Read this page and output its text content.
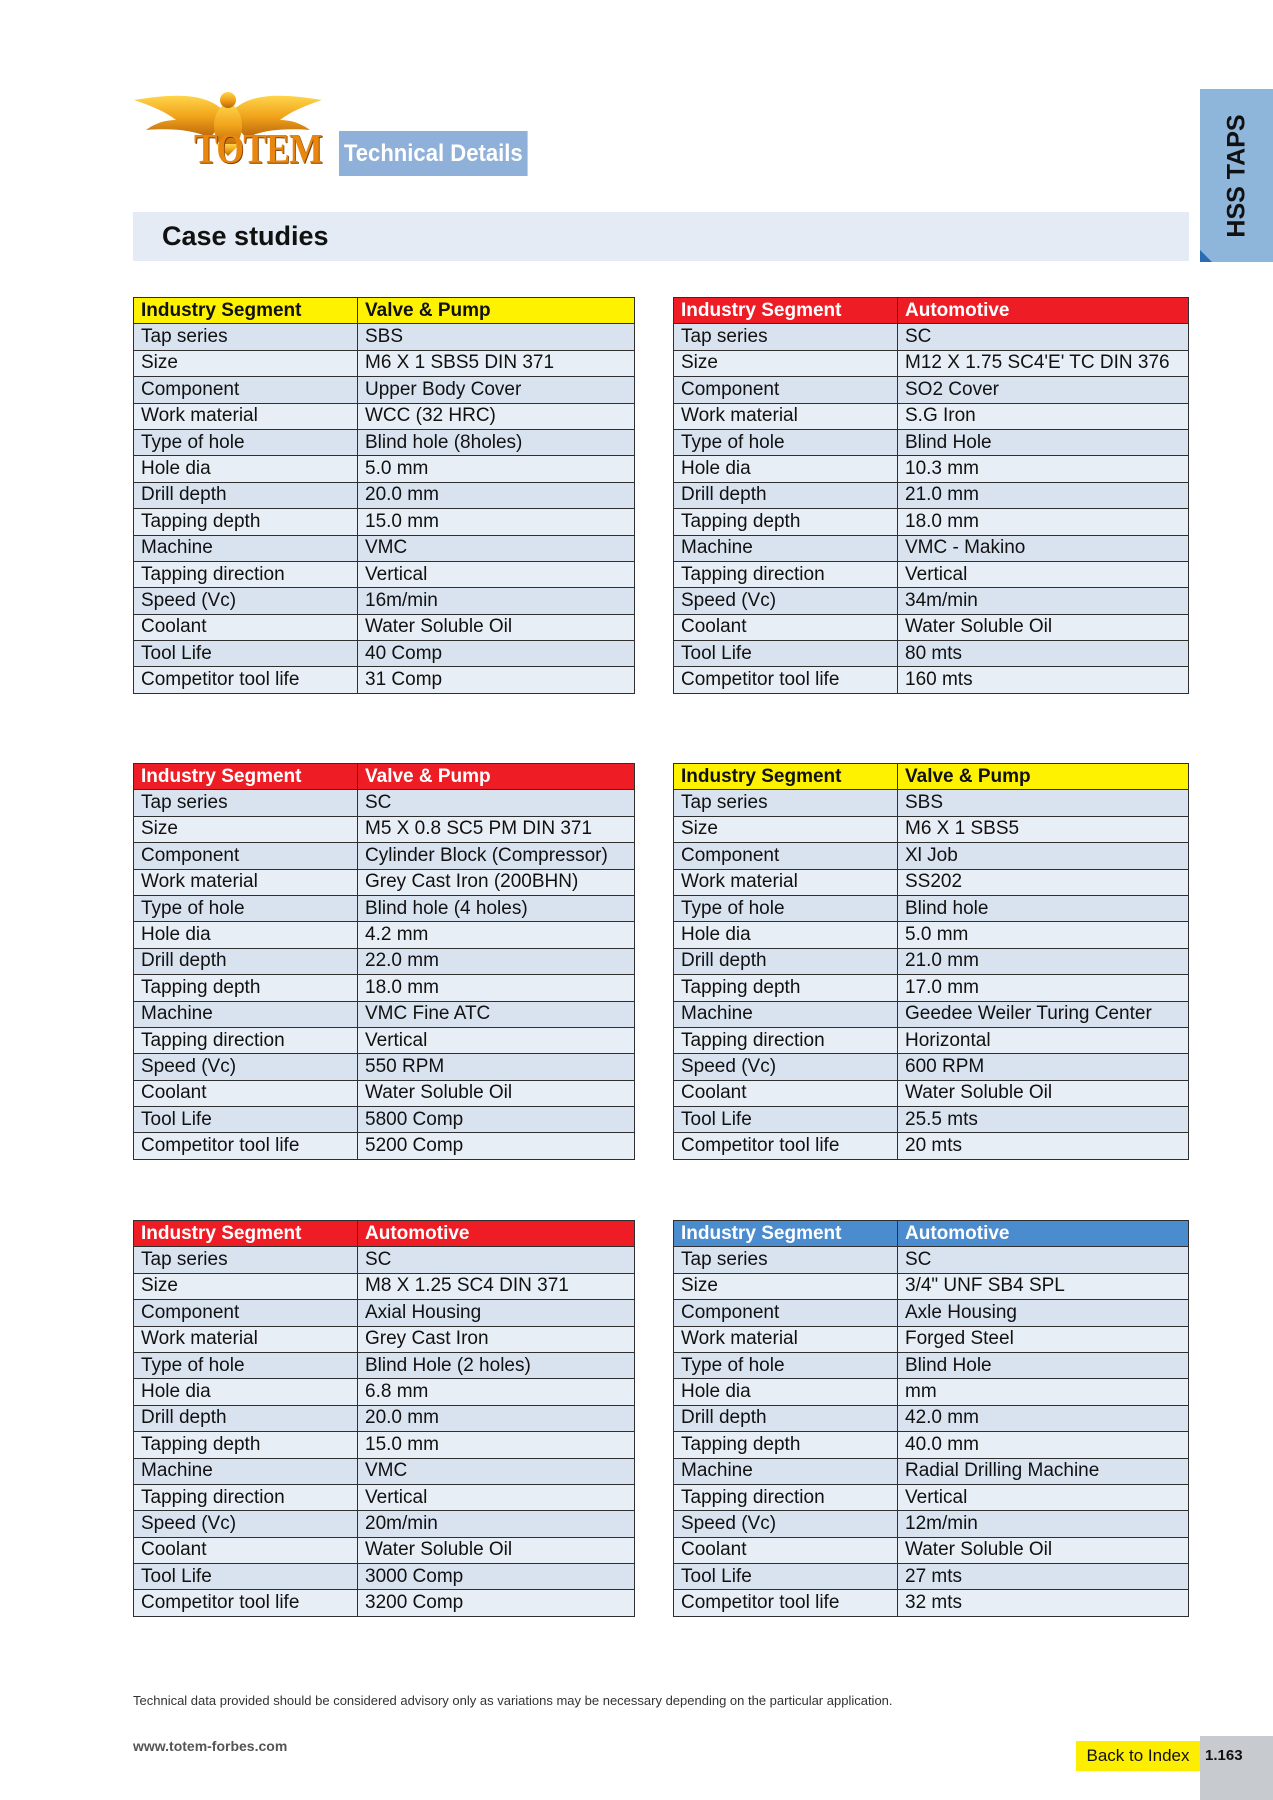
TOTEM Technical Details	HSS TAPS
Case studies
Industry Segment	Valve & Pump
Tap series	SBS
Size	M6 X 1 SBS5 DIN 371
Component	Upper Body Cover
Work material	WCC (32 HRC)
Type of hole	Blind hole (8holes)
Hole dia	5.0 mm
Drill depth	20.0 mm
Tapping depth	15.0 mm
Machine	VMC
Tapping direction	Vertical
Speed (Vc)	16m/min
Coolant	Water Soluble Oil
Tool Life	40 Comp
Competitor tool life	31 Comp
Industry Segment	Automotive
Tap series	SC
Size	M12 X 1.75 SC4'E' TC DIN 376
Component	SO2 Cover
Work material	S.G Iron
Type of hole	Blind Hole
Hole dia	10.3 mm
Drill depth	21.0 mm
Tapping depth	18.0 mm
Machine	VMC - Makino
Tapping direction	Vertical
Speed (Vc)	34m/min
Coolant	Water Soluble Oil
Tool Life	80 mts
Competitor tool life	160 mts
Industry Segment	Valve & Pump
Tap series	SC
Size	M5 X 0.8 SC5 PM DIN 371
Component	Cylinder Block (Compressor)
Work material	Grey Cast Iron (200BHN)
Type of hole	Blind hole (4 holes)
Hole dia	4.2 mm
Drill depth	22.0 mm
Tapping depth	18.0 mm
Machine	VMC Fine ATC
Tapping direction	Vertical
Speed (Vc)	550 RPM
Coolant	Water Soluble Oil
Tool Life	5800 Comp
Competitor tool life	5200 Comp
Industry Segment	Valve & Pump
Tap series	SBS
Size	M6 X 1 SBS5
Component	Xl Job
Work material	SS202
Type of hole	Blind hole
Hole dia	5.0 mm
Drill depth	21.0 mm
Tapping depth	17.0 mm
Machine	Geedee Weiler Turing Center
Tapping direction	Horizontal
Speed (Vc)	600 RPM
Coolant	Water Soluble Oil
Tool Life	25.5 mts
Competitor tool life	20 mts
Industry Segment	Automotive
Tap series	SC
Size	M8 X 1.25 SC4 DIN 371
Component	Axial Housing
Work material	Grey Cast Iron
Type of hole	Blind Hole (2 holes)
Hole dia	6.8 mm
Drill depth	20.0 mm
Tapping depth	15.0 mm
Machine	VMC
Tapping direction	Vertical
Speed (Vc)	20m/min
Coolant	Water Soluble Oil
Tool Life	3000 Comp
Competitor tool life	3200 Comp
Industry Segment	Automotive
Tap series	SC
Size	3/4" UNF SB4 SPL
Component	Axle Housing
Work material	Forged Steel
Type of hole	Blind Hole
Hole dia	mm
Drill depth	42.0 mm
Tapping depth	40.0 mm
Machine	Radial Drilling Machine
Tapping direction	Vertical
Speed (Vc)	12m/min
Coolant	Water Soluble Oil
Tool Life	27 mts
Competitor tool life	32 mts
Technical data provided should be considered advisory only as variations may be necessary depending on the particular application.
www.totem-forbes.com	Back to Index	1.163
